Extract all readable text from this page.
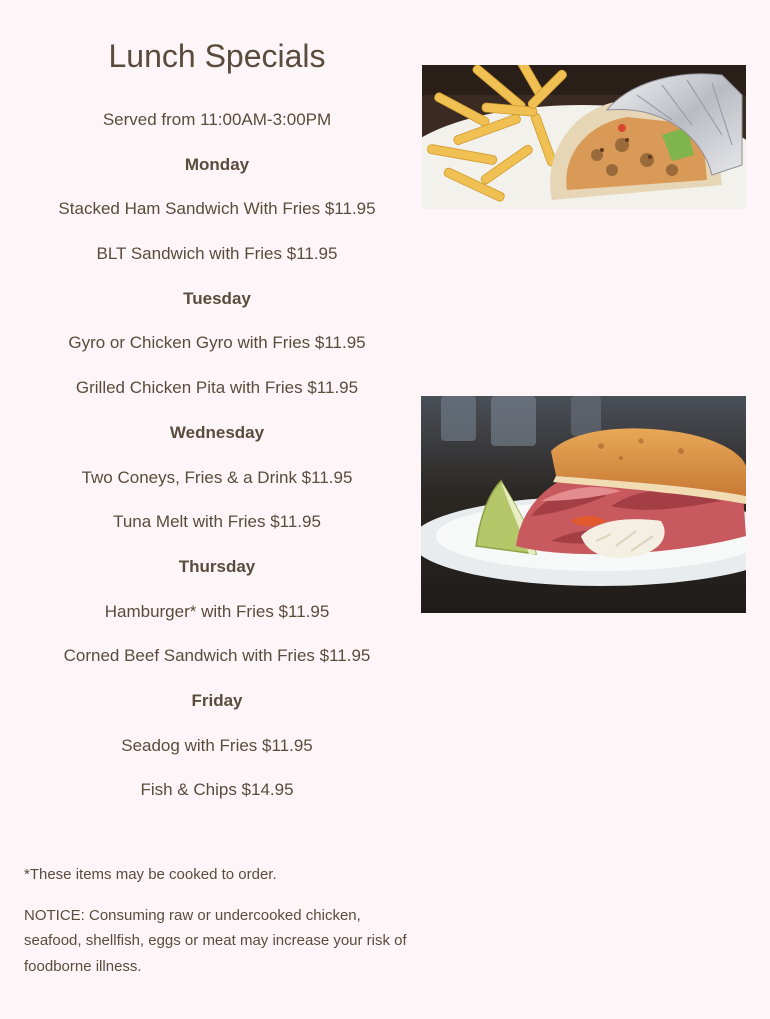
Lunch Specials
Served from 11:00AM-3:00PM
Monday
Stacked Ham Sandwich With Fries $11.95
BLT Sandwich with Fries $11.95
Tuesday
Gyro or Chicken Gyro with Fries $11.95
Grilled Chicken Pita with Fries $11.95
Wednesday
Two Coneys, Fries & a Drink $11.95
Tuna Melt with Fries $11.95
Thursday
Hamburger* with Fries $11.95
Corned Beef Sandwich with Fries $11.95
Friday
Seadog with Fries $11.95
Fish & Chips $14.95

*These items may be cooked to order.

NOTICE: Consuming raw or undercooked chicken, seafood, shellfish, eggs or meat may increase your risk of foodborne illness.
